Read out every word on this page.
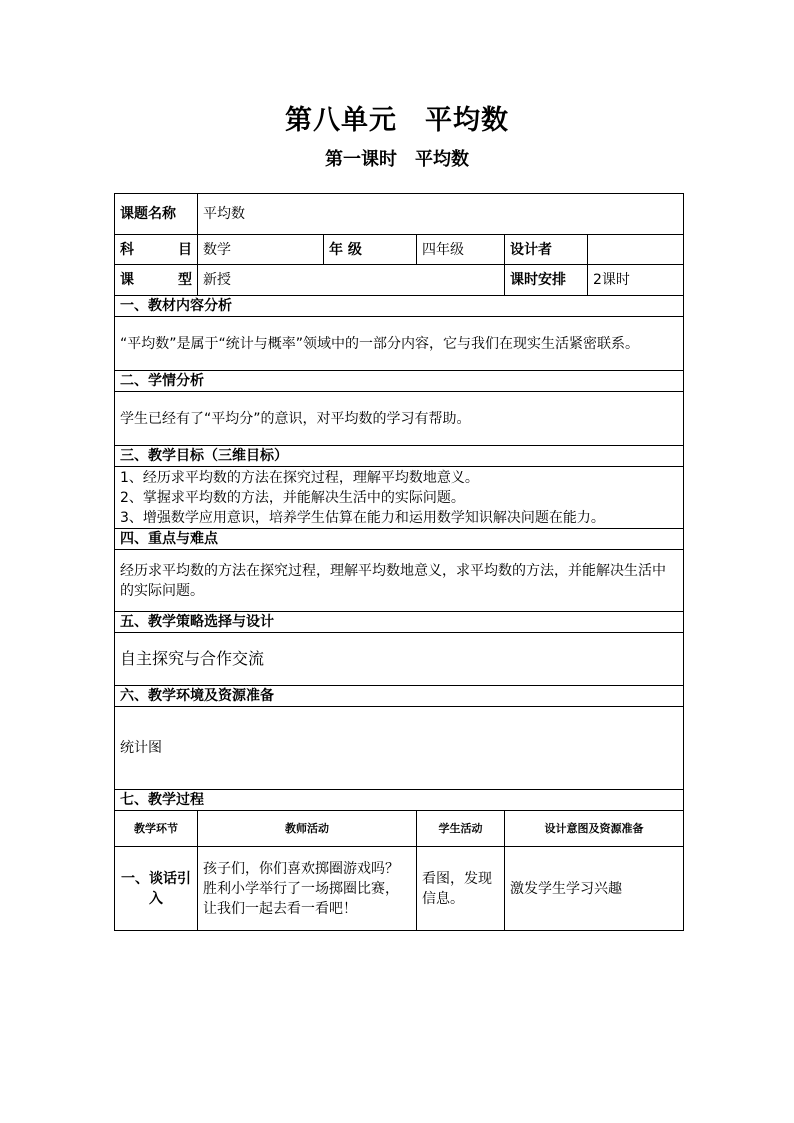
第八单元　平均数
第一课时　平均数
课题名称	平均数				

科 目	数学	年 级	四年级	设计者	

课 型	新授			课时安排	2课时
一、教材内容分析					
“平均数”是属于“统计与概率”领域中的一部分内容，它与我们在现实生活紧密联系。					
二、学情分析					
学生已经有了“平均分”的意识，对平均数的学习有帮助。					
三、教学目标（三维目标）					

1、经历求平均数的方法在探究过程，理解平均数地意义。
2、掌握求平均数的方法，并能解决生活中的实际问题。
3、增强数学应用意识，培养学生估算在能力和运用数学知识解决问题在能力。					

四、重点与难点					
经历求平均数的方法在探究过程，理解平均数地意义，求平均数的方法，并能解决生活中的实际问题。					
五、教学策略选择与设计					
自主探究与合作交流					
六、教学环境及资源准备					
统计图					
七、教学过程					
教学环节	教师活动		学生活动	设计意图及资源准备	
一、谈话引入	孩子们，你们喜欢掷圈游戏吗？胜利小学举行了一场掷圈比赛，让我们一起去看一看吧！		看图，发现信息。	激发学生学习兴趣	
